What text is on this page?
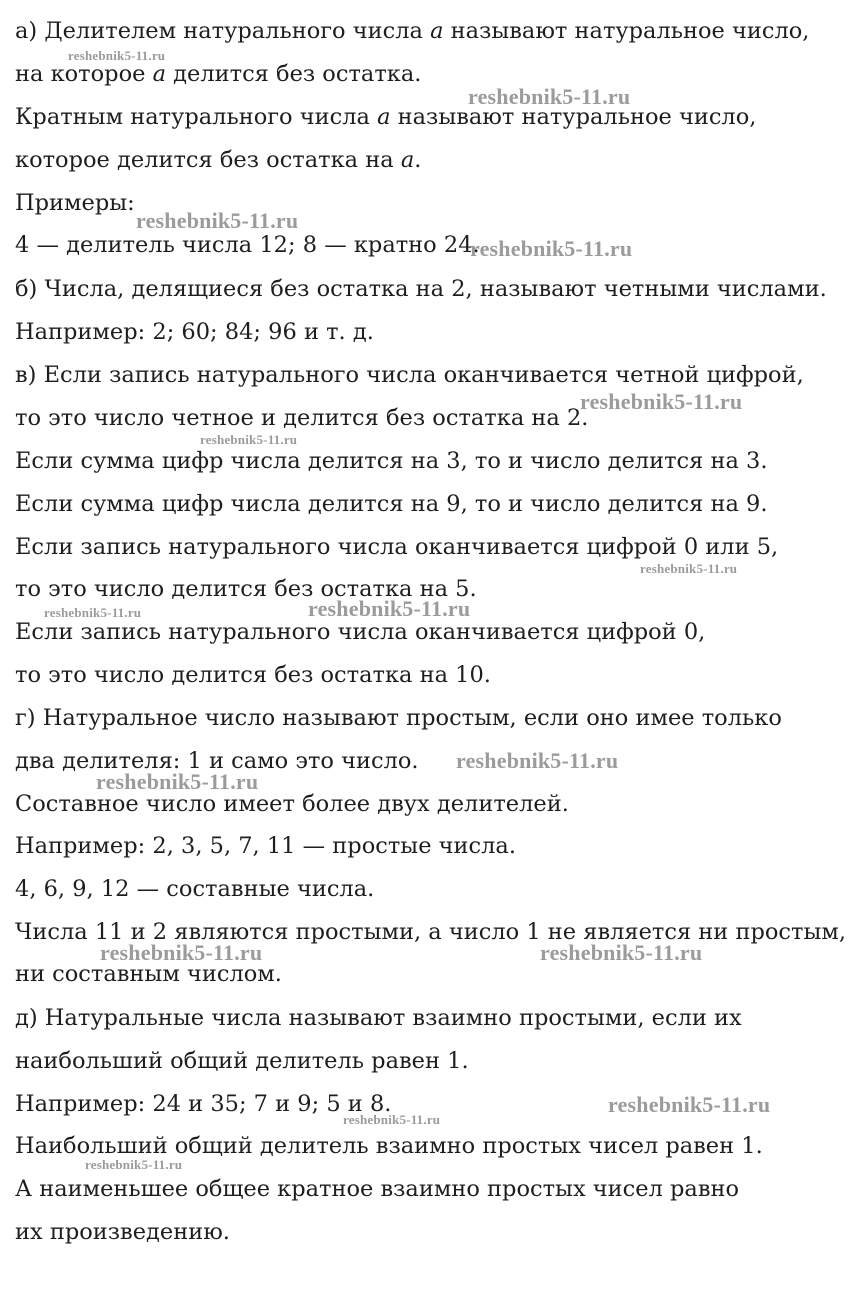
а) Делителем натурального числа a называют натуральное число,
на которое a делится без остатка.
Кратным натурального числа a называют натуральное число,
которое делится без остатка на a.
Примеры:
4 — делитель числа 12; 8 — кратно 24.
б) Числа, делящиеся без остатка на 2, называют четными числами.
Например: 2; 60; 84; 96 и т. д.
в) Если запись натурального числа оканчивается четной цифрой,
то это число четное и делится без остатка на 2.
Если сумма цифр числа делится на 3, то и число делится на 3.
Если сумма цифр числа делится на 9, то и число делится на 9.
Если запись натурального числа оканчивается цифрой 0 или 5,
то это число делится без остатка на 5.
Если запись натурального числа оканчивается цифрой 0,
то это число делится без остатка на 10.
г) Натуральное число называют простым, если оно имее только
два делителя: 1 и само это число.
Составное число имеет более двух делителей.
Например: 2, 3, 5, 7, 11 — простые числа.
4, 6, 9, 12 — составные числа.
Числа 11 и 2 являются простыми, а число 1 не является ни простым,
ни составным числом.
д) Натуральные числа называют взаимно простыми, если их
наибольший общий делитель равен 1.
Например: 24 и 35; 7 и 9; 5 и 8.
Наибольший общий делитель взаимно простых чисел равен 1.
А наименьшее общее кратное взаимно простых чисел равно
их произведению.
reshebnik5-11.ru
reshebnik5-11.ru
reshebnik5-11.ru
reshebnik5-11.ru
reshebnik5-11.ru
reshebnik5-11.ru
reshebnik5-11.ru
reshebnik5-11.ru	reshebnik5-11.ru
reshebnik5-11.ru
reshebnik5-11.ru
reshebnik5-11.ru	reshebnik5-11.ru
reshebnik5-11.ru
reshebnik5-11.ru
reshebnik5-11.ru
